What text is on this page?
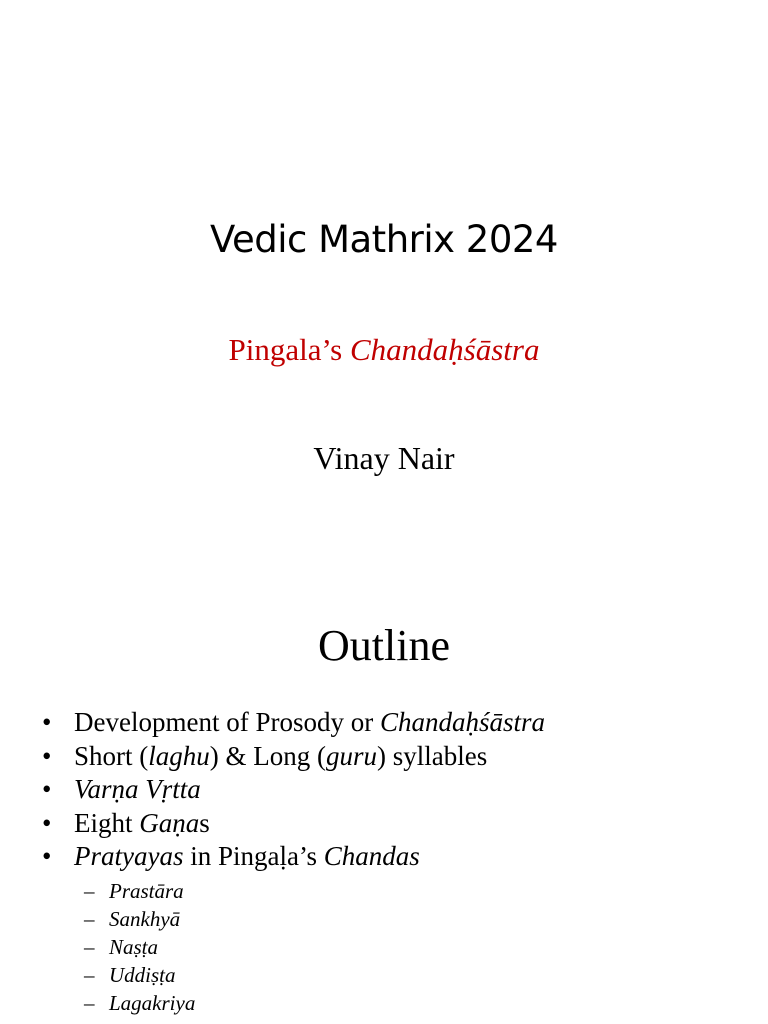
Vedic Mathrix 2024
Pingala’s Chandaḥśāstra
Vinay Nair
Outline
• Development of Prosody or Chandaḥśāstra
• Short (laghu) & Long (guru) syllables
• Varṇa Vṛtta
• Eight Gaṇas
• Pratyayas in Pingaḷa’s Chandas
– Prastāra
– Sankhyā
– Naṣṭa
– Uddiṣṭa
– Lagakriya
